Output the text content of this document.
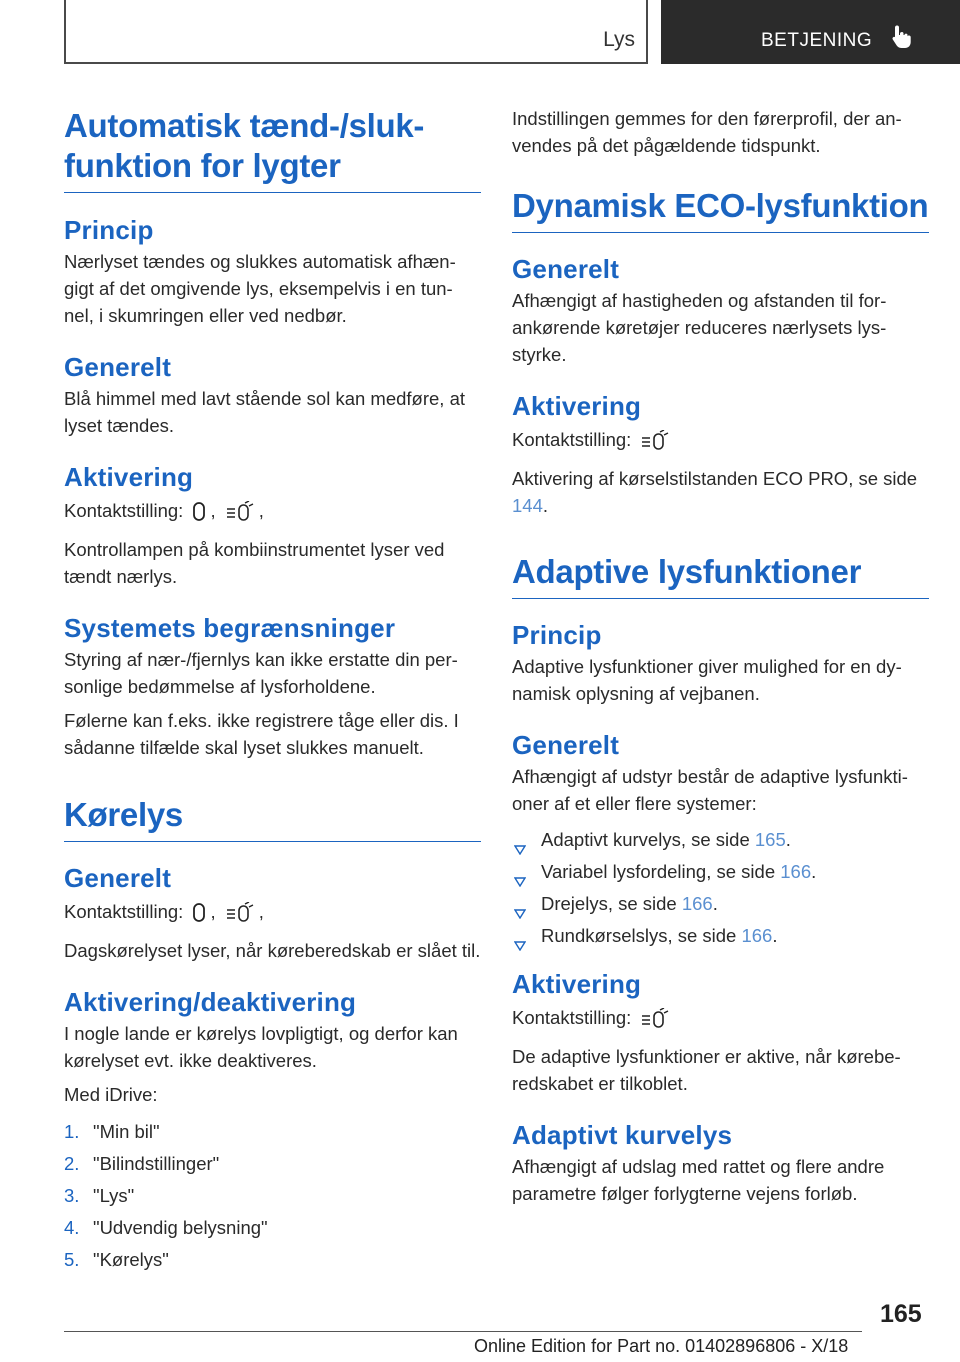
Lys	BETJENING
Automatisk tænd-/sluk‐
funktion for lygter
Princip

Nærlyset tændes og slukkes automatisk afhæn‐ gigt af det omgivende lys, eksempelvis i en tun‐ nel, i skumringen eller ved nedbør.

Generelt

Blå himmel med lavt stående sol kan medføre, at lyset tændes.

Aktivering

Kontaktstilling: , ,

Kontrollampen på kombiinstrumentet lyser ved tændt nærlys.

Systemets begrænsninger

Styring af nær-/fjernlys kan ikke erstatte din per‐ sonlige bedømmelse af lysforholdene.

Følerne kan f.eks. ikke registrere tåge eller dis. I sådanne tilfælde skal lyset slukkes manuelt.

Kørelys
Generelt

Kontaktstilling: , ,

Dagskørelyset lyser, når køreberedskab er slået til.

Aktivering/deaktivering

I nogle lande er kørelys lovpligtigt, og derfor kan kørelyset evt. ikke deaktiveres.

Med iDrive:

1. "Min bil"
2. "Bilindstillinger"
3. "Lys"
4. "Udvendig belysning"
5. "Kørelys"

Indstillingen gemmes for den førerprofil, der an‐ vendes på det pågældende tidspunkt.

Dynamisk ECO-lysfunktion
Generelt

Afhængigt af hastigheden og afstanden til for‐ ankørende køretøjer reduceres nærlysets lys‐ styrke.

Aktivering

Kontaktstilling:

Aktivering af kørselstilstanden ECO PRO, se side 144.

Adaptive lysfunktioner
Princip

Adaptive lysfunktioner giver mulighed for en dy‐ namisk oplysning af vejbanen.

Generelt

Afhængigt af udstyr består de adaptive lysfunkti‐ oner af et eller flere systemer:

Adaptivt kurvelys, se side 165.
Variabel lysfordeling, se side 166.
Drejelys, se side 166.
Rundkørselslys, se side 166.
Aktivering

Kontaktstilling:

De adaptive lysfunktioner er aktive, når kørebe‐ redskabet er tilkoblet.

Adaptivt kurvelys

Afhængigt af udslag med rattet og flere andre parametre følger forlygterne vejens forløb.

165
Online Edition for Part no. 01402896806 - X/18
